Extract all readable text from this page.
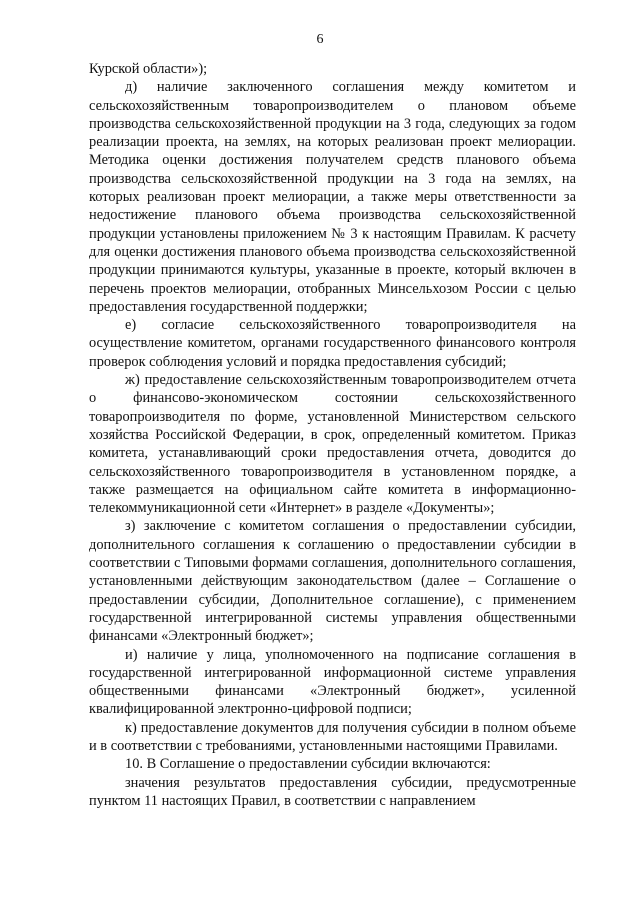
6

Курской области»);

д) наличие заключенного соглашения между комитетом и сельскохозяйственным товаропроизводителем о плановом объеме производства сельскохозяйственной продукции на 3 года, следующих за годом реализации проекта, на землях, на которых реализован проект мелиорации. Методика оценки достижения получателем средств планового объема производства сельскохозяйственной продукции на 3 года на землях, на которых реализован проект мелиорации, а также меры ответственности за недостижение планового объема производства сельскохозяйственной продукции установлены приложением № 3 к настоящим Правилам. К расчету для оценки достижения планового объема производства сельскохозяйственной продукции принимаются культуры, указанные в проекте, который включен в перечень проектов мелиорации, отобранных Минсельхозом России с целью предоставления государственной поддержки;

е) согласие сельскохозяйственного товаропроизводителя на осуществление комитетом, органами государственного финансового контроля проверок соблюдения условий и порядка предоставления субсидий;

ж) предоставление сельскохозяйственным товаропроизводителем отчета о финансово-экономическом состоянии сельскохозяйственного товаропроизводителя по форме, установленной Министерством сельского хозяйства Российской Федерации, в срок, определенный комитетом. Приказ комитета, устанавливающий сроки предоставления отчета, доводится до сельскохозяйственного товаропроизводителя в установленном порядке, а также размещается на официальном сайте комитета в информационно-телекоммуникационной сети «Интернет» в разделе «Документы»;

з) заключение с комитетом соглашения о предоставлении субсидии, дополнительного соглашения к соглашению о предоставлении субсидии в соответствии с Типовыми формами соглашения, дополнительного соглашения, установленными действующим законодательством (далее – Соглашение о предоставлении субсидии, Дополнительное соглашение), с применением государственной интегрированной системы управления общественными финансами «Электронный бюджет»;

и) наличие у лица, уполномоченного на подписание соглашения в государственной интегрированной информационной системе управления общественными финансами «Электронный бюджет», усиленной квалифицированной электронно-цифровой подписи;

к) предоставление документов для получения субсидии в полном объеме и в соответствии с требованиями, установленными настоящими Правилами.

10. В Соглашение о предоставлении субсидии включаются:

значения результатов предоставления субсидии, предусмотренные пунктом 11 настоящих Правил, в соответствии с направлением
